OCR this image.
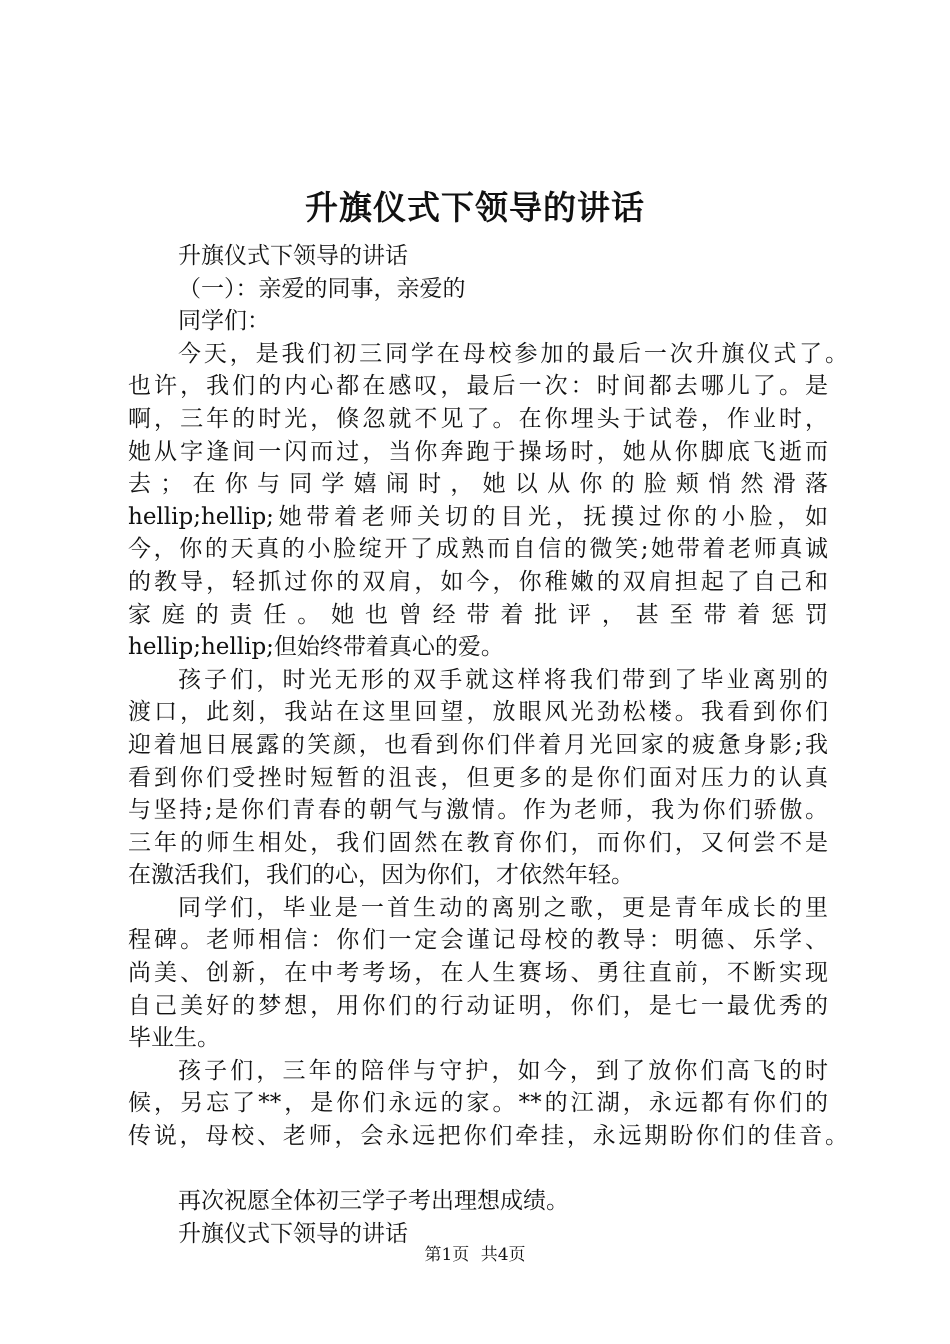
升旗仪式下领导的讲话
升旗仪式下领导的讲话
（一）：亲爱的同事，亲爱的
同学们：
今天，是我们初三同学在母校参加的最后一次升旗仪式了。
也许，我们的内心都在感叹，最后一次：时间都去哪儿了。是
啊，三年的时光，倏忽就不见了。在你埋头于试卷，作业时，
她从字逢间一闪而过，当你奔跑于操场时，她从你脚底飞逝而
去；在你与同学嬉闹时，她以从你的脸颊悄然滑落
hellip;hellip;她带着老师关切的目光，抚摸过你的小脸，如
今，你的天真的小脸绽开了成熟而自信的微笑;她带着老师真诚
的教导，轻抓过你的双肩，如今，你稚嫩的双肩担起了自己和
家庭的责任。她也曾经带着批评，甚至带着惩罚
hellip;hellip;但始终带着真心的爱。
孩子们，时光无形的双手就这样将我们带到了毕业离别的
渡口，此刻，我站在这里回望，放眼风光劲松楼。我看到你们
迎着旭日展露的笑颜，也看到你们伴着月光回家的疲惫身影;我
看到你们受挫时短暂的沮丧，但更多的是你们面对压力的认真
与坚持;是你们青春的朝气与激情。作为老师，我为你们骄傲。
三年的师生相处，我们固然在教育你们，而你们，又何尝不是
在激活我们，我们的心，因为你们，才依然年轻。
同学们，毕业是一首生动的离别之歌，更是青年成长的里
程碑。老师相信：你们一定会谨记母校的教导：明德、乐学、
尚美、创新，在中考考场，在人生赛场、勇往直前，不断实现
自己美好的梦想，用你们的行动证明，你们，是七一最优秀的
毕业生。
孩子们，三年的陪伴与守护，如今，到了放你们高飞的时
候，另忘了**，是你们永远的家。**的江湖，永远都有你们的
传说，母校、老师，会永远把你们牵挂，永远期盼你们的佳音。
再次祝愿全体初三学子考出理想成绩。
升旗仪式下领导的讲话
第1页 共4页
